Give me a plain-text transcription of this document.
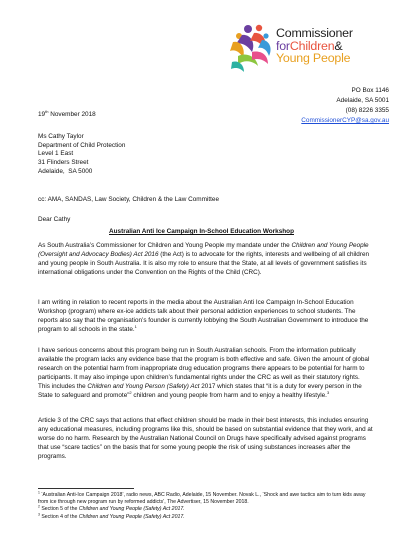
Commissioner
forChildren&
Young People
PO Box 1146
Adelaide, SA 5001
(08) 8226 3355
CommissionerCYP@sa.gov.au
19th November 2018
Ms Cathy Taylor
Department of Child Protection
Level 1 East
31 Flinders Street
Adelaide,  SA 5000
cc: AMA, SANDAS, Law Society, Children & the Law Committee
Dear Cathy
Australian Anti Ice Campaign In-School Education Workshop

As South Australia’s Commissioner for Children and Young People my mandate under the Children and Young People (Oversight and Advocacy Bodies) Act 2016 (the Act) is to advocate for the rights, interests and wellbeing of all children and young people in South Australia. It is also my role to ensure that the State, at all levels of government satisfies its international obligations under the Convention on the Rights of the Child (CRC).

I am writing in relation to recent reports in the media about the Australian Anti Ice Campaign In-School Education Workshop (program) where ex-ice addicts talk about their personal addiction experiences to school students. The reports also say that the organisation’s founder is currently lobbying the South Australian Government to introduce the program to all schools in the state.$^1$

I have serious concerns about this program being run in South Australian schools. From the information publically available the program lacks any evidence base that the program is both effective and safe. Given the amount of global research on the potential harm from inappropriate drug education programs there appears to be potential for harm to participants. It may also impinge upon children’s fundamental rights under the CRC as well as their statutory rights. This includes the Children and Young Person (Safety) Act 2017 which states that “it is a duty for every person in the State to safeguard and promote”$^2$ children and young people from harm and to enjoy a healthy lifestyle.$^3$

Article 3 of the CRC says that actions that effect children should be made in their best interests, this includes ensuring any educational measures, including programs like this, should be based on substantial evidence that they work, and at worse do no harm. Research by the Australian National Council on Drugs have specifically advised against programs that use “scare tactics” on the basis that for some young people the risk of using substances increases after the programs.

$^1$ ‘Australian Anti-Ice Campaign 2018’, radio news, ABC Radio, Adelaide, 15 November. Novak L., ‘Shock and awe tactics aim to turn kids away from ice through new program run by reformed addicts’, The Advertiser, 15 November 2018.
$^2$ Section 5 of the Children and Young People (Safety) Act 2017.
$^3$ Section 4 of the Children and Young People (Safety) Act 2017.
